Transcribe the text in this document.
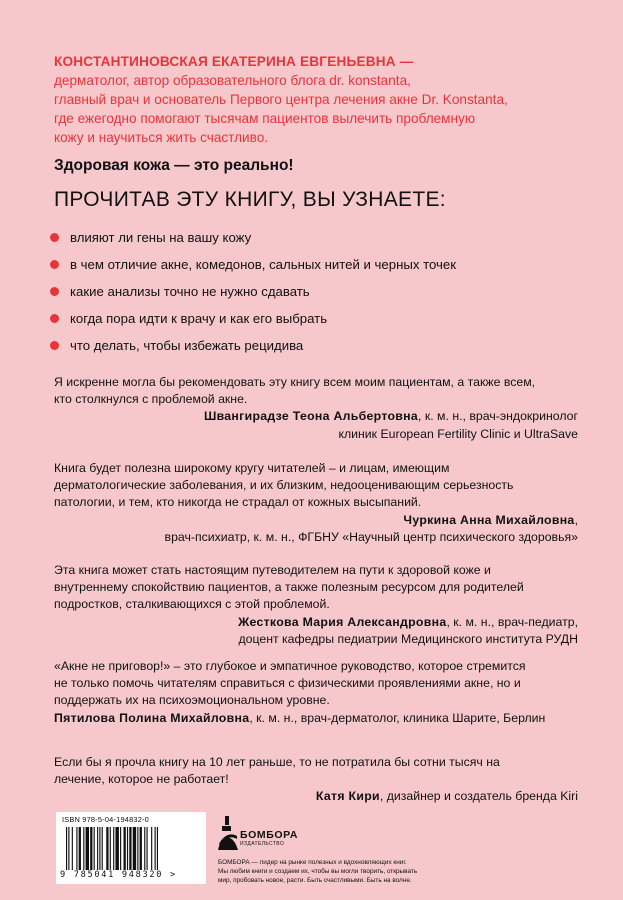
КОНСТАНТИНОВСКАЯ ЕКАТЕРИНА ЕВГЕНЬЕВНА —
дерматолог, автор образовательного блога dr. konstanta,
главный врач и основатель Первого центра лечения акне Dr. Konstanta,
где ежегодно помогают тысячам пациентов вылечить проблемную
кожу и научиться жить счастливо.
Здоровая кожа — это реально!
ПРОЧИТАВ ЭТУ КНИГУ, ВЫ УЗНАЕТЕ:
влияют ли гены на вашу кожу
в чем отличие акне, комедонов, сальных нитей и черных точек
какие анализы точно не нужно сдавать
когда пора идти к врачу и как его выбрать
что делать, чтобы избежать рецидива

Я искренне могла бы рекомендовать эту книгу всем моим пациентам, а также всем,

кто столкнулся с проблемой акне.

Швангирадзе Теона Альбертовна, к. м. н., врач-эндокринолог

клиник European Fertility Clinic и UltraSave

Книга будет полезна широкому кругу читателей – и лицам, имеющим

дерматологические заболевания, и их близким, недооценивающим серьезность

патологии, и тем, кто никогда не страдал от кожных высыпаний.

Чуркина Анна Михайловна,

врач-психиатр, к. м. н., ФГБНУ «Научный центр психического здоровья»

Эта книга может стать настоящим путеводителем на пути к здоровой коже и

внутреннему спокойствию пациентов, а также полезным ресурсом для родителей

подростков, сталкивающихся с этой проблемой.

Жесткова Мария Александровна, к. м. н., врач-педиатр,

доцент кафедры педиатрии Медицинского института РУДН

«Акне не приговор!» – это глубокое и эмпатичное руководство, которое стремится

не только помочь читателям справиться с физическими проявлениями акне, но и

поддержать их на психоэмоциональном уровне.

Пятилова Полина Михайловна, к. м. н., врач-дерматолог, клиника Шарите, Берлин

Если бы я прочла книгу на 10 лет раньше, то не потратила бы сотни тысяч на

лечение, которое не работает!

Катя Кири, дизайнер и создатель бренда Kiri

ISBN 978-5-04-194832-0
9 785041 948320 >
БОМБОРА
ИЗДАТЕЛЬСТВО
БОМБОРА — лидер на рынке полезных и вдохновляющих книг.
Мы любим книги и создаем их, чтобы вы могли творить, открывать
мир, пробовать новое, расти. Быть счастливыми. Быть на волне.
